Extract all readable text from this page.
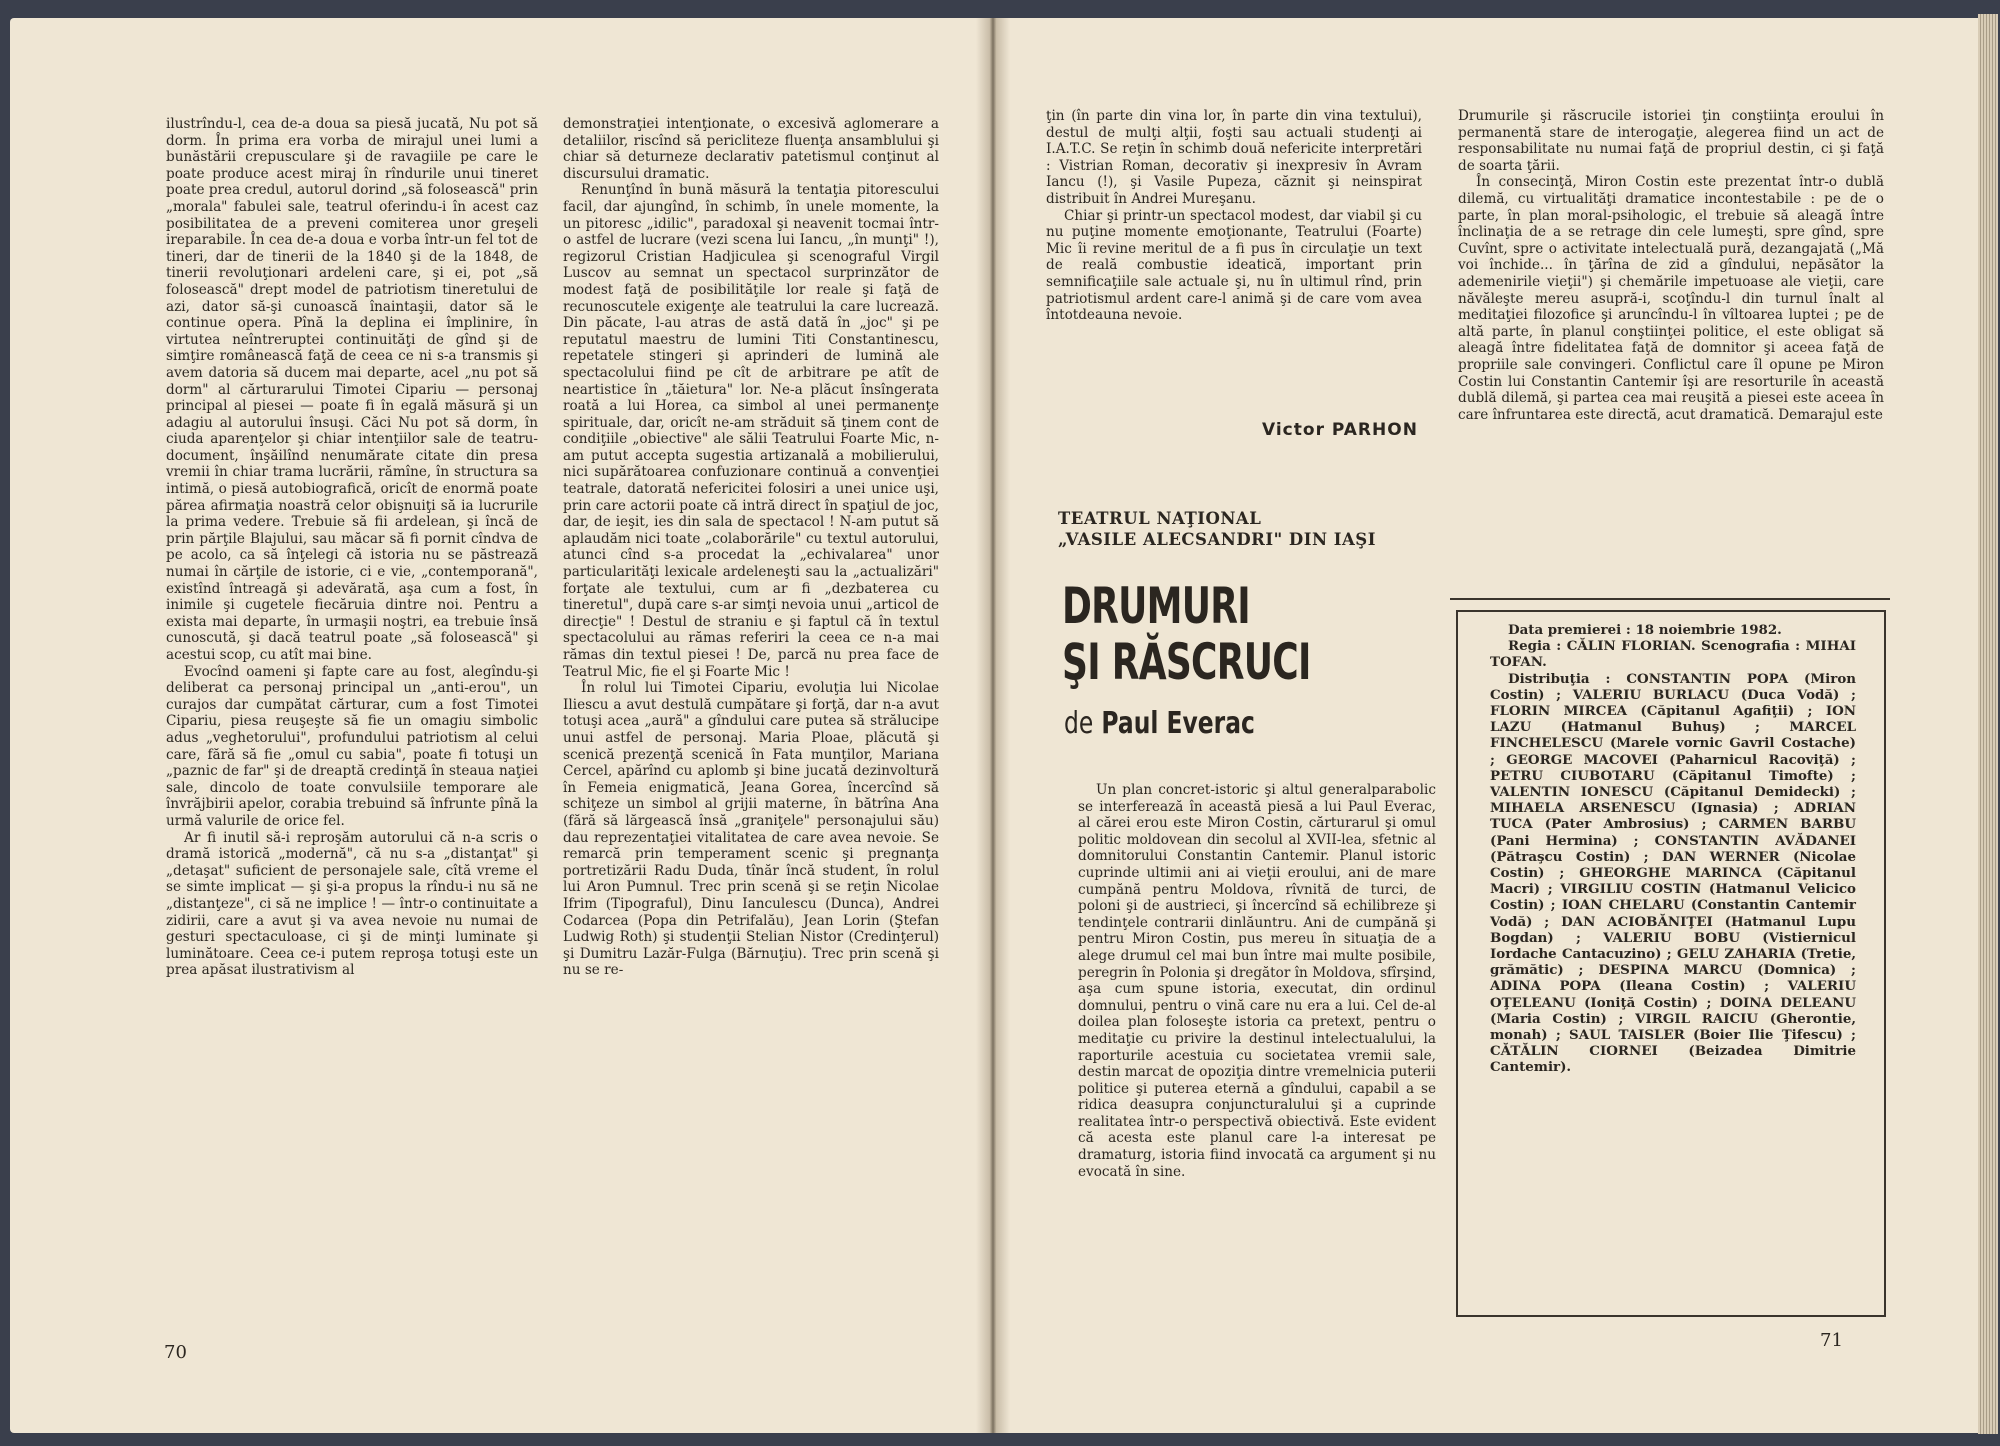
ilustrîndu-l, cea de-a doua sa piesă jucată, Nu pot să dorm. În prima era vorba de mirajul unei lumi a bunăstării crepusculare şi de ravagiile pe care le poate produce acest miraj în rîndurile unui tineret poate prea credul, autorul dorind „să folosească" prin „morala" fabulei sale, teatrul oferindu-i în acest caz posibilitatea de a preveni comiterea unor greşeli ireparabile. În cea de-a doua e vorba într-un fel tot de tineri, dar de tinerii de la 1840 şi de la 1848, de tinerii revoluţionari ardeleni care, şi ei, pot „să folosească" drept model de patriotism tineretului de azi, dator să-şi cunoască înaintaşii, dator să le continue opera. Pînă la deplina ei împlinire, în virtutea neîntreruptei continuităţi de gînd şi de simţire românească faţă de ceea ce ni s-a transmis şi avem datoria să ducem mai departe, acel „nu pot să dorm" al cărturarului Timotei Cipariu — personaj principal al piesei — poate fi în egală măsură şi un adagiu al autorului însuşi. Căci Nu pot să dorm, în ciuda aparenţelor şi chiar intenţiilor sale de teatru-document, înşăilînd nenumărate citate din presa vremii în chiar trama lucrării, rămîne, în structura sa intimă, o piesă autobiografică, oricît de enormă poate părea afirmaţia noastră celor obişnuiţi să ia lucrurile la prima vedere. Trebuie să fii ardelean, şi încă de prin părţile Blajului, sau măcar să fi pornit cîndva de pe acolo, ca să înţelegi că istoria nu se păstrează numai în cărţile de istorie, ci e vie, „contemporană", existînd întreagă şi adevărată, aşa cum a fost, în inimile şi cugetele fiecăruia dintre noi. Pentru a exista mai departe, în urmaşii noştri, ea trebuie însă cunoscută, şi dacă teatrul poate „să folosească" şi acestui scop, cu atît mai bine.

Evocînd oameni şi fapte care au fost, alegîndu-şi deliberat ca personaj principal un „anti-erou", un curajos dar cumpătat cărturar, cum a fost Timotei Cipariu, piesa reuşeşte să fie un omagiu simbolic adus „veghetorului", profundului patriotism al celui care, fără să fie „omul cu sabia", poate fi totuşi un „paznic de far" şi de dreaptă credinţă în steaua naţiei sale, dincolo de toate convulsiile temporare ale învrăjbirii apelor, corabia trebuind să înfrunte pînă la urmă valurile de orice fel.

Ar fi inutil să-i reproşăm autorului că n-a scris o dramă istorică „modernă", că nu s-a „distanţat" şi „detaşat" suficient de personajele sale, cîtă vreme el se simte implicat — şi şi-a propus la rîndu-i nu să ne „distanţeze", ci să ne implice ! — într-o continuitate a zidirii, care a avut şi va avea nevoie nu numai de gesturi spectaculoase, ci şi de minţi luminate şi luminătoare. Ceea ce-i putem reproşa totuşi este un prea apăsat ilustrativism al

demonstraţiei intenţionate, o excesivă aglomerare a detaliilor, riscînd să periclitezе fluenţa ansamblului şi chiar să deturneze declarativ patetismul conţinut al discursului dramatic.

Renunţînd în bună măsură la tentaţia pitorescului facil, dar ajungînd, în schimb, în unele momente, la un pitoresc „idilic", paradoxal şi neavenit tocmai într-o astfel de lucrare (vezi scena lui Iancu, „în munţi" !), regizorul Cristian Hadjiculea şi scenograful Virgil Luscov au semnat un spectacol surprinzător de modest faţă de posibilităţile lor reale şi faţă de recunoscutele exigenţe ale teatrului la care lucrează. Din păcate, l-au atras de astă dată în „joc" şi pe reputatul maestru de lumini Titi Constantinescu, repetatele stingeri şi aprinderi de lumină ale spectacolului fiind pe cît de arbitrare pe atît de neartistice în „tăietura" lor. Ne-a plăcut însîngerata roată a lui Horea, ca simbol al unei permanenţe spirituale, dar, oricît ne-am străduit să ţinem cont de condiţiile „obiective" ale sălii Teatrului Foarte Mic, n-am putut accepta sugestia artizanală a mobilierului, nici supărătoarea confuzionare continuă a convenţiei teatrale, datorată nefericitei folosiri a unei unice uşi, prin care actorii poate că intră direct în spaţiul de joc, dar, de ieşit, ies din sala de spectacol ! N-am putut să aplaudăm nici toate „colaborările" cu textul autorului, atunci cînd s-a procedat la „echivalarea" unor particularităţi lexicale ardeleneşti sau la „actualizări" forţate ale textului, cum ar fi „dezbaterea cu tineretul", după care s-ar simţi nevoia unui „articol de direcţie" ! Destul de straniu e şi faptul că în textul spectacolului au rămas referiri la ceea ce n-a mai rămas din textul piesei ! De, parcă nu prea face de Teatrul Mic, fie el şi Foarte Mic !

În rolul lui Timotei Cipariu, evoluţia lui Nicolae Iliescu a avut destulă cumpătare şi forţă, dar n-a avut totuşi acea „aură" a gîndului care putea să străluciре unui astfel de personaj. Maria Ploae, plăcută şi scenică prezenţă scenică în Fata munţilor, Mariana Cercel, apărînd cu aplomb şi bine jucată dezinvoltură în Femeia enigmatică, Jeana Gorea, încercînd să schiţeze un simbol al grijii materne, în bătrîna Ana (fără să lărgească însă „graniţele" personajului său) dau reprezentaţiei vitalitatea de care avea nevoie. Se remarcă prin temperament scenic şi pregnanţa portretizării Radu Duda, tînăr încă student, în rolul lui Aron Pumnul. Trec prin scenă şi se reţin Nicolae Ifrim (Tipograful), Dinu Ianculescu (Dunca), Andrei Codarcea (Popa din Petrifalău), Jean Lorin (Ştefan Ludwig Roth) şi studenţii Stelian Nistor (Credinţerul) şi Dumitru Lazăr-Fulga (Bărnuţiu). Trec prin scenă şi nu se re-

70

ţin (în parte din vina lor, în parte din vina textului), destul de mulţi alţii, foşti sau actuali studenţi ai I.A.T.C. Se reţin în schimb două nefericite interpretări : Vistrian Roman, decorativ şi inexpresiv în Avram Iancu (!), şi Vasile Pupeza, căznit şi neinspirat distribuit în Andrei Mureşanu.

Chiar şi printr-un spectacol modest, dar viabil şi cu nu puţine momente emoţionante, Teatrului (Foarte) Mic îi revine meritul de a fi pus în circulaţie un text de reală combustie ideatică, important prin semnificaţiile sale actuale şi, nu în ultimul rînd, prin patriotismul ardent care-l animă şi de care vom avea întotdeauna nevoie.

Victor PARHON
TEATRUL NAŢIONAL
„VASILE ALECSANDRI" DIN IAŞI
DRUMURI
ŞI RĂSCRUCI
de Paul Everac

Un plan concret-istoric şi altul generalparabolic se interferează în această piesă a lui Paul Everac, al cărei erou este Miron Costin, cărturarul şi omul politic moldovean din secolul al XVII-lea, sfetnic al domnitorului Constantin Cantemir. Planul istoric cuprinde ultimii ani ai vieţii eroului, ani de mare cumpănă pentru Moldova, rîvnită de turci, de poloni şi de austrieci, şi încercînd să echilibreze şi tendinţele contrarii dinlăuntru. Ani de cumpănă şi pentru Miron Costin, pus mereu în situaţia de a alege drumul cel mai bun între mai multe posibile, peregrin în Polonia şi dregător în Moldova, sfîrşind, aşa cum spune istoria, executat, din ordinul domnului, pentru o vină care nu era a lui. Cel de-al doilea plan foloseşte istoria ca pretext, pentru o meditaţie cu privire la destinul intelectualului, la raporturile acestuia cu societatea vremii sale, destin marcat de opoziţia dintre vremelnicia puterii politice şi puterea eternă a gîndului, capabil a se ridica deasupra conjuncturalului şi a cuprinde realitatea într-o perspectivă obiectivă. Este evident că acesta este planul care l-a interesat pe dramaturg, istoria fiind invocată ca argument şi nu evocată în sine.

Drumurile şi răscrucile istoriei ţin conştiinţa eroului în permanentă stare de interogaţie, alegerea fiind un act de responsabilitate nu numai faţă de propriul destin, ci şi faţă de soarta ţării.

În consecinţă, Miron Costin este prezentat într-o dublă dilemă, cu virtualităţi dramatice incontestabile : pe de o parte, în plan moral-psihologic, el trebuie să aleagă între înclinaţia de a se retrage din cele lumeşti, spre gînd, spre Cuvînt, spre o activitate intelectuală pură, dezangajată („Mă voi închide... în ţărîna de zid a gîndului, nepăsător la ademenirile vieţii") şi chemările impetuoase ale vieţii, care năvăleşte mereu asupră-i, scoţîndu-l din turnul înalt al meditaţiei filozofice şi aruncîndu-l în vîltoarea luptei ; pe de altă parte, în planul conştiinţei politice, el este obligat să aleagă între fidelitatea faţă de domnitor şi aceea faţă de propriile sale convingeri. Conflictul care îl opune pe Miron Costin lui Constantin Cantemir îşi are resorturile în această dublă dilemă, şi partea cea mai reuşită a piesei este aceea în care înfruntarea este directă, acut dramatică. Demarajul este

Data premierei : 18 noiembrie 1982.

Regia : CĂLIN FLORIAN. Scenografia : MIHAI TOFAN.

Distribuţia : CONSTANTIN POPA (Miron Costin) ; VALERIU BURLACU (Duca Vodă) ; FLORIN MIRCEA (Căpitanul Agafiţii) ; ION LAZU (Hatmanul Buhuş) ; MARCEL FINCHELESCU (Marele vornic Gavril Costache) ; GEORGE MACOVEI (Paharnicul Racoviţă) ; PETRU CIUBOTARU (Căpitanul Timofte) ; VALENTIN IONESCU (Căpitanul Demideckі) ; MIHAELA ARSENESCU (Ignasia) ; ADRIAN TUCA (Pater Ambrosius) ; CARMEN BARBU (Pani Hermina) ; CONSTANTIN AVĂDANEI (Pătraşcu Costin) ; DAN WERNER (Nicolae Costin) ; GHEORGHE MARINCA (Căpitanul Macri) ; VIRGILIU COSTIN (Hatmanul Velicico Costin) ; IOAN CHELARU (Constantin Cantemir Vodă) ; DAN ACIOBĂNIŢEI (Hatmanul Lupu Bogdan) ; VALERIU BOBU (Vistiernicul Iordache Cantacuzino) ; GELU ZAHARIA (Tretie, grămătic) ; DESPINA MARCU (Domnica) ; ADINA POPA (Ileana Costin) ; VALERIU OŢELEANU (Ioniţă Costin) ; DOINA DELEANU (Maria Costin) ; VIRGIL RAICIU (Gherontie, monah) ; SAUL TAISLER (Boier Ilie Ţifescu) ; CĂTĂLIN CIORNEI (Beizadea Dimitrie Cantemir).

71
